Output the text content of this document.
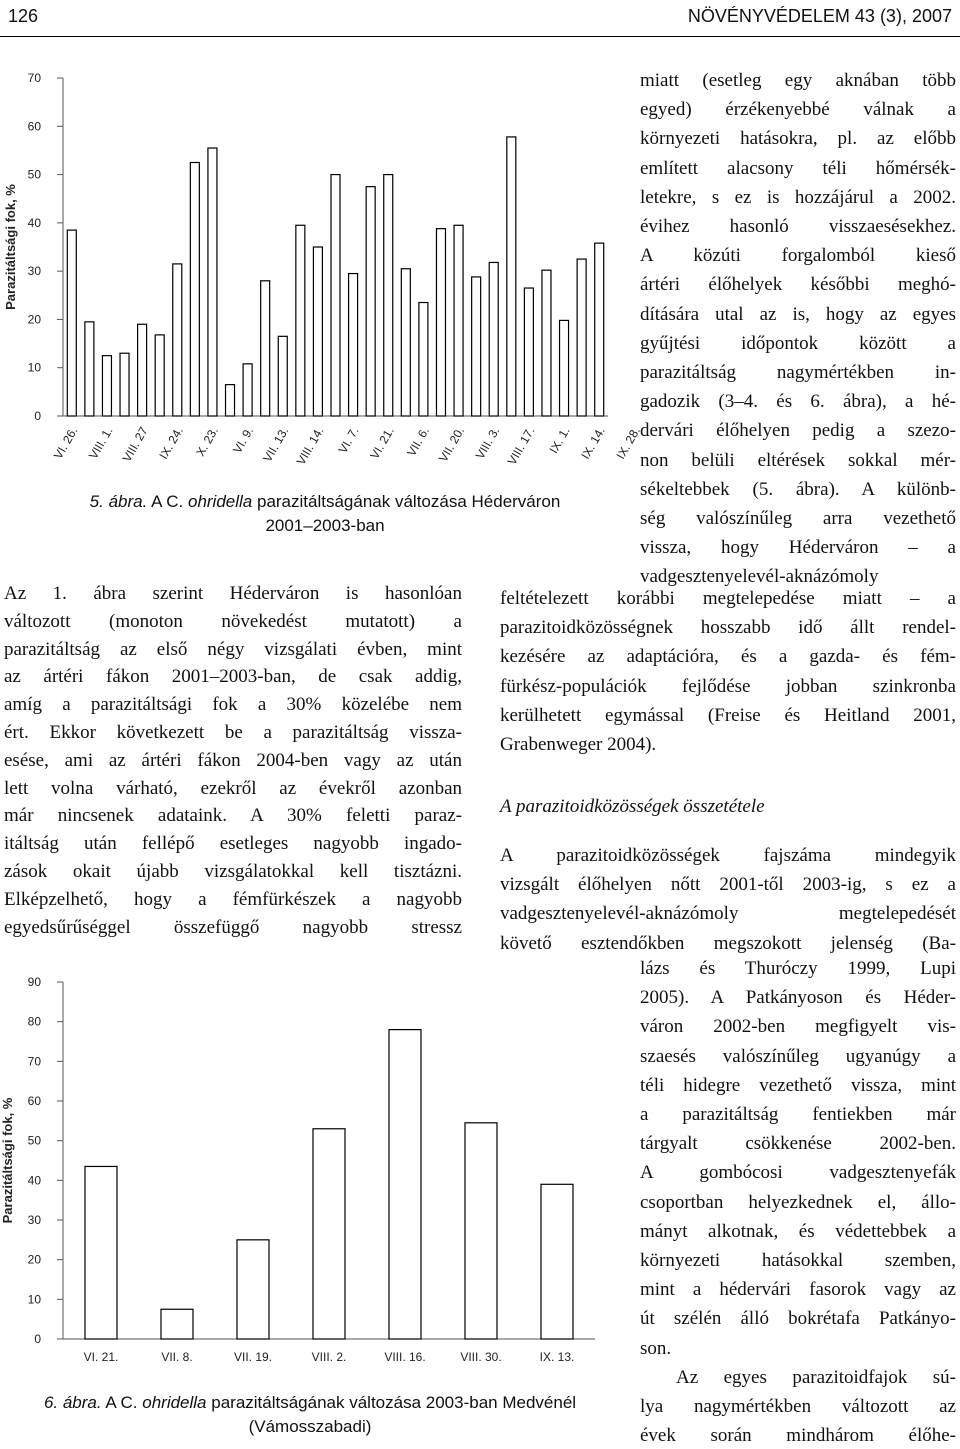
126	NÖVÉNYVÉDELEM 43 (3), 2007
0
10
20
30
40
50
60
70
Parazitáltsági fok, %
VI. 26. VIII. 1. VIII. 27 IX. 24. X. 23. VI. 9. VII. 13. VIII. 14. VI. 7. VI. 21. VII. 6. VII. 20. VIII. 3. VIII. 17. IX. 1. IX. 14. IX. 28.
5. ábra. A C. ohridella parazitáltságának változása Héderváron
2001–2003-ban
0
10
20
30
40
50
60
70
80
90
Parazitáltsági fok, %
VI. 21.	VII. 8.	VII. 19.	VIII. 2.	VIII. 16.	VIII. 30.	IX. 13.
6. ábra. A C. ohridella parazitáltságának változása 2003-ban Medvénél
(Vámosszabadi)
Az 1. ábra szerint Héderváron is hasonlóan
változott (monoton növekedést mutatott) a
parazitáltság az első négy vizsgálati évben, mint
az ártéri fákon 2001–2003-ban, de csak addig,
amíg a parazitáltsági fok a 30% közelébe nem
ért. Ekkor következett be a parazitáltság vissza-
esése, ami az ártéri fákon 2004-ben vagy az után
lett volna várható, ezekről az évekről azonban
már nincsenek adataink. A 30% feletti paraz-
itáltság után fellépő esetleges nagyobb ingado-
zások okait újabb vizsgálatokkal kell tisztázni.
Elképzelhető, hogy a fémfürkészek a nagyobb
egyedsűrűséggel összefüggő nagyobb stressz
miatt (esetleg egy aknában több
egyed) érzékenyebbé válnak a
környezeti hatásokra, pl. az előbb
említett alacsony téli hőmérsék-
letekre, s ez is hozzájárul a 2002.
évihez hasonló visszaesésekhez.
A közúti forgalomból kieső
ártéri élőhelyek későbbi meghó-
dítására utal az is, hogy az egyes
gyűjtési időpontok között a
parazitáltság nagymértékben in-
gadozik (3–4. és 6. ábra), a hé-
dervári élőhelyen pedig a szezo-
non belüli eltérések sokkal mér-
sékeltebbek (5. ábra). A különb-
ség valószínűleg arra vezethető
vissza, hogy Héderváron – a
vadgesztenyelevél-aknázómoly
feltételezett korábbi megtelepedése miatt – a
parazitoidközösségnek hosszabb idő állt rendel-
kezésére az adaptációra, és a gazda- és fém-
fürkész-populációk fejlődése jobban szinkronba
kerülhetett egymással (Freise és Heitland 2001,
Grabenweger 2004).
A parazitoidközösségek fajszáma mindegyik
vizsgált élőhelyen nőtt 2001-től 2003-ig, s ez a
vadgesztenyelevél-aknázómoly megtelepedését
követő esztendőkben megszokott jelenség (Ba-
lázs és Thuróczy 1999, Lupi
2005). A Patkányoson és Héder-
váron 2002-ben megfigyelt vis-
szaesés valószínűleg ugyanúgy a
téli hidegre vezethető vissza, mint
a parazitáltság fentiekben már
tárgyalt csökkenése 2002-ben.
A gombócosi vadgesztenyefák
csoportban helyezkednek el, állo-
mányt alkotnak, és védettebbek a
környezeti hatásokkal szemben,
mint a hédervári fasorok vagy az
út szélén álló bokrétafa Patkányo-
son.
Az egyes parazitoidfajok sú-
lya nagymértékben változott az
évek során mindhárom élőhe-
A parazitoidközösségek összetétele
